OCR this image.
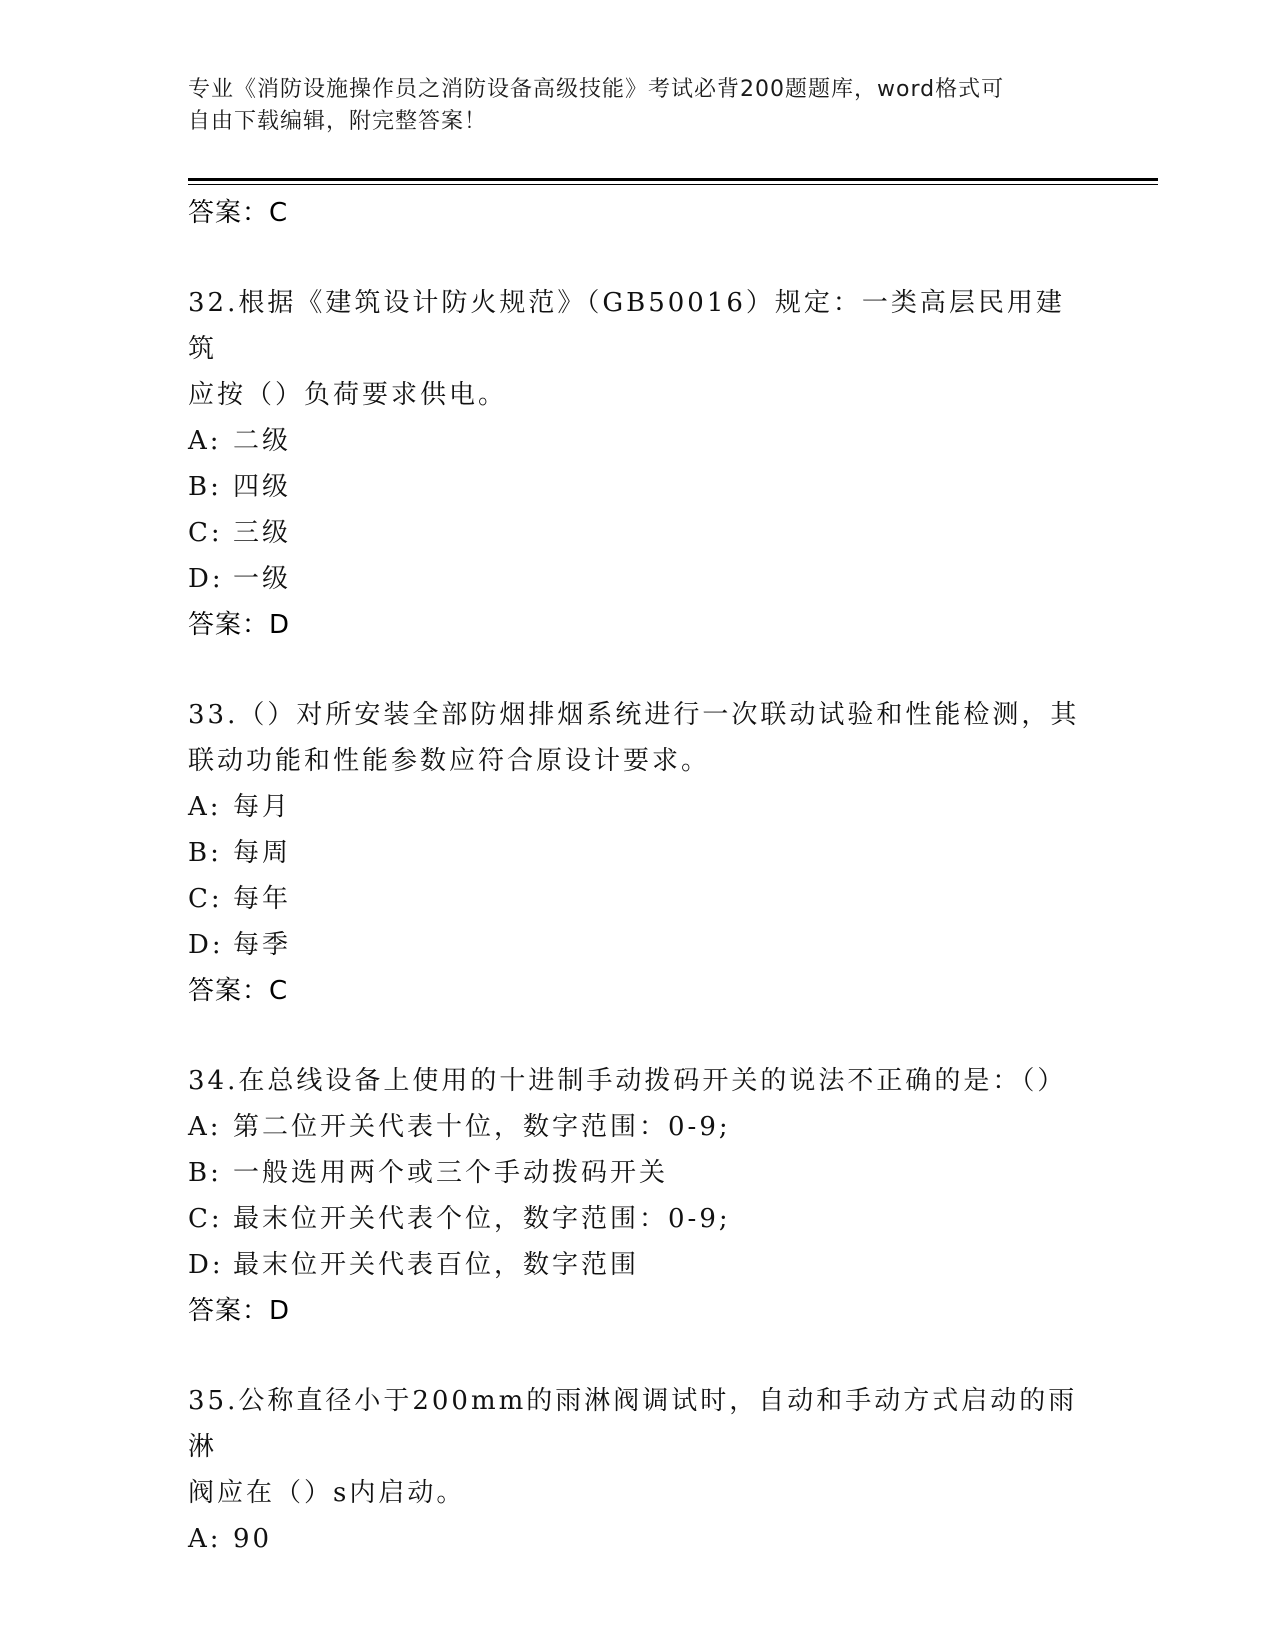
专业《消防设施操作员之消防设备高级技能》考试必背200题题库，word格式可
自由下载编辑，附完整答案！
答案：C
32.根据《建筑设计防火规范》（GB50016）规定：一类高层民用建筑
应按（）负荷要求供电。
A: 二级
B: 四级
C: 三级
D: 一级
答案：D
33.（）对所安装全部防烟排烟系统进行一次联动试验和性能检测，其
联动功能和性能参数应符合原设计要求。
A: 每月
B: 每周
C: 每年
D: 每季
答案：C
34.在总线设备上使用的十进制手动拨码开关的说法不正确的是：（）
A: 第二位开关代表十位，数字范围：0-9;
B: 一般选用两个或三个手动拨码开关
C: 最末位开关代表个位，数字范围：0-9;
D: 最末位开关代表百位，数字范围
答案：D
35.公称直径小于200mm的雨淋阀调试时，自动和手动方式启动的雨淋
阀应在（）s内启动。
A: 90
